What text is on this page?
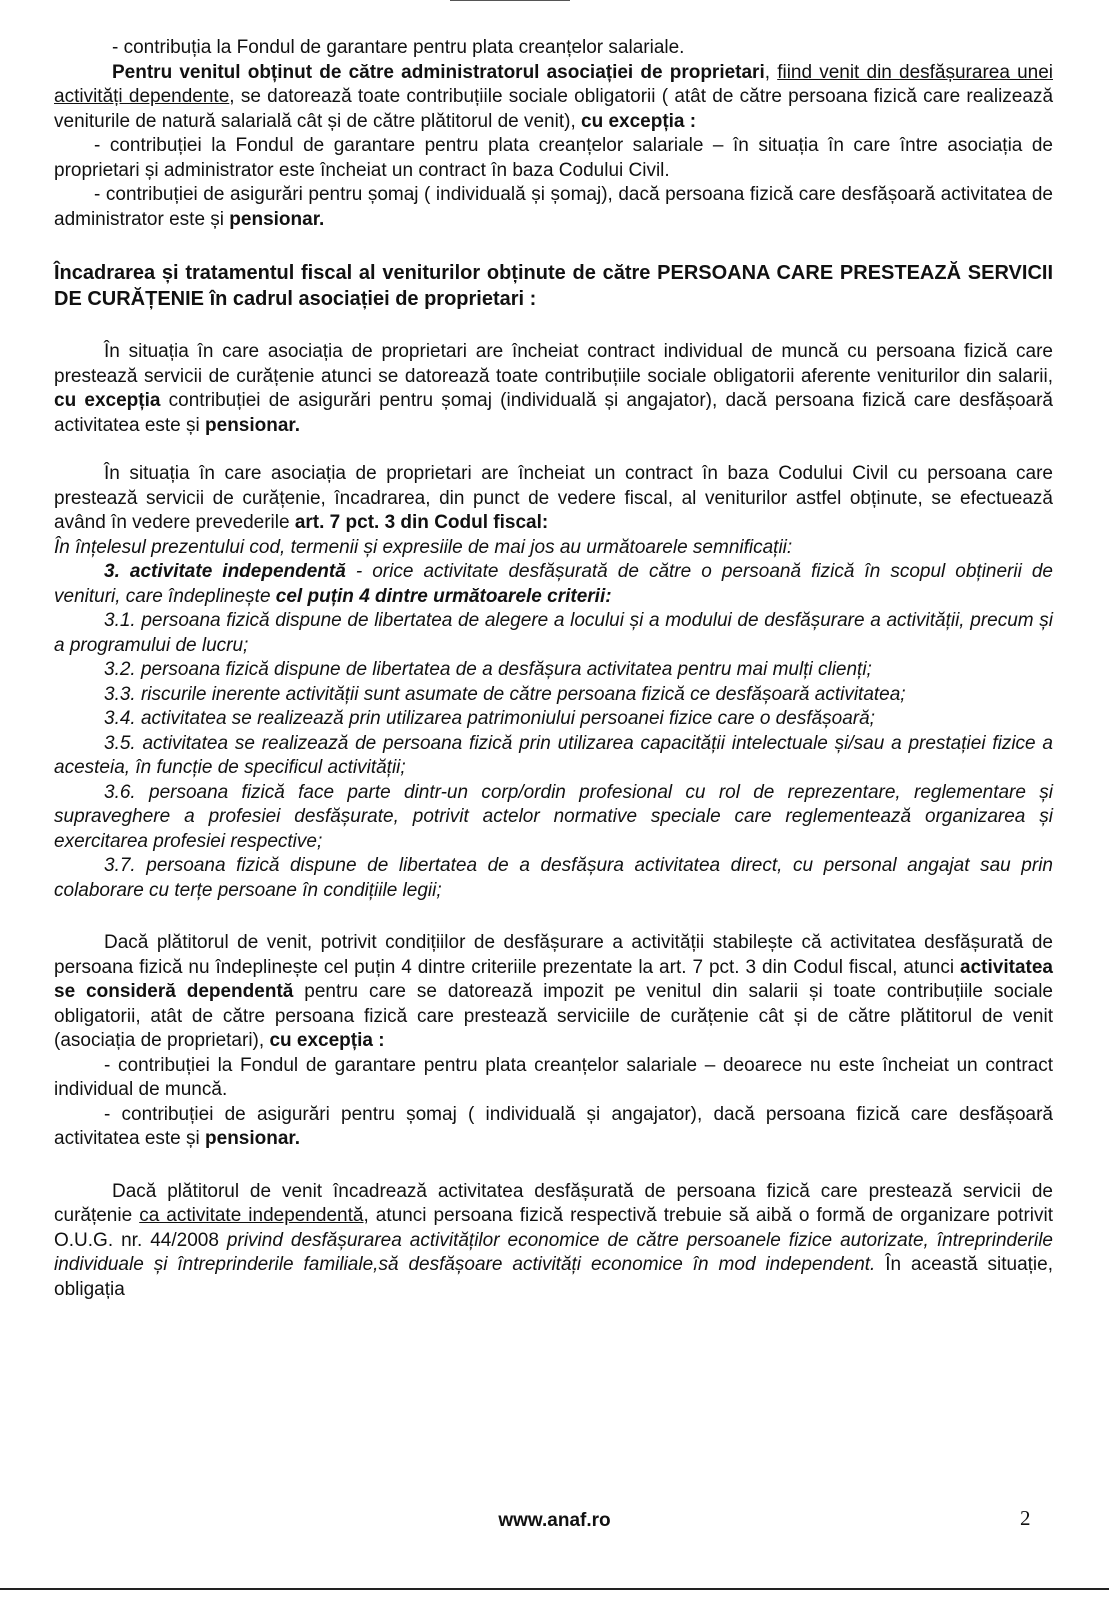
- contribuția la Fondul de garantare pentru plata creanțelor salariale.

Pentru venitul obținut de către administratorul asociației de proprietari, fiind venit din desfășurarea unei activități dependente, se datorează toate contribuțiile sociale obligatorii ( atât de către persoana fizică care realizează veniturile de natură salarială cât și de către plătitorul de venit), cu excepția :

- contribuției la Fondul de garantare pentru plata creanțelor salariale – în situația în care între asociația de proprietari și administrator este încheiat un contract în baza Codului Civil.

- contribuției de asigurări pentru șomaj ( individuală și șomaj), dacă persoana fizică care desfășoară activitatea de administrator este și pensionar.

Încadrarea și tratamentul fiscal al veniturilor obținute de către PERSOANA CARE PRESTEAZĂ SERVICII DE CURĂȚENIE în cadrul asociației de proprietari :

În situația în care asociația de proprietari are încheiat contract individual de muncă cu persoana fizică care prestează servicii de curățenie atunci se datorează toate contribuțiile sociale obligatorii aferente veniturilor din salarii, cu excepția contribuției de asigurări pentru șomaj (individuală și angajator), dacă persoana fizică care desfășoară activitatea este și pensionar.

În situația în care asociația de proprietari are încheiat un contract în baza Codului Civil cu persoana care prestează servicii de curățenie, încadrarea, din punct de vedere fiscal, al veniturilor astfel obținute, se efectuează având în vedere prevederile art. 7 pct. 3 din Codul fiscal:

În înțelesul prezentului cod, termenii și expresiile de mai jos au următoarele semnificații:

3. activitate independentă - orice activitate desfășurată de către o persoană fizică în scopul obținerii de venituri, care îndeplinește cel puțin 4 dintre următoarele criterii:

3.1. persoana fizică dispune de libertatea de alegere a locului și a modului de desfășurare a activității, precum și a programului de lucru;

3.2. persoana fizică dispune de libertatea de a desfășura activitatea pentru mai mulți clienți;

3.3. riscurile inerente activității sunt asumate de către persoana fizică ce desfășoară activitatea;

3.4. activitatea se realizează prin utilizarea patrimoniului persoanei fizice care o desfășoară;

3.5. activitatea se realizează de persoana fizică prin utilizarea capacității intelectuale și/sau a prestației fizice a acesteia, în funcție de specificul activității;

3.6. persoana fizică face parte dintr-un corp/ordin profesional cu rol de reprezentare, reglementare și supraveghere a profesiei desfășurate, potrivit actelor normative speciale care reglementează organizarea și exercitarea profesiei respective;

3.7. persoana fizică dispune de libertatea de a desfășura activitatea direct, cu personal angajat sau prin colaborare cu terțe persoane în condițiile legii;

Dacă plătitorul de venit, potrivit condițiilor de desfășurare a activității stabilește că activitatea desfășurată de persoana fizică nu îndeplinește cel puțin 4 dintre criteriile prezentate la art. 7 pct. 3 din Codul fiscal, atunci activitatea se consideră dependentă pentru care se datorează impozit pe venitul din salarii și toate contribuțiile sociale obligatorii, atât de către persoana fizică care prestează serviciile de curățenie cât și de către plătitorul de venit (asociația de proprietari), cu excepția :

- contribuției la Fondul de garantare pentru plata creanțelor salariale – deoarece nu este încheiat un contract individual de muncă.

- contribuției de asigurări pentru șomaj ( individuală și angajator), dacă persoana fizică care desfășoară activitatea este și pensionar.

Dacă plătitorul de venit încadrează activitatea desfășurată de persoana fizică care prestează servicii de curățenie ca activitate independentă, atunci persoana fizică respectivă trebuie să aibă o formă de organizare potrivit O.U.G. nr. 44/2008 privind desfășurarea activităților economice de către persoanele fizice autorizate, întreprinderile individuale și întreprinderile familiale,să desfășoare activități economice în mod independent. În această situație, obligația

www.anaf.ro	2
